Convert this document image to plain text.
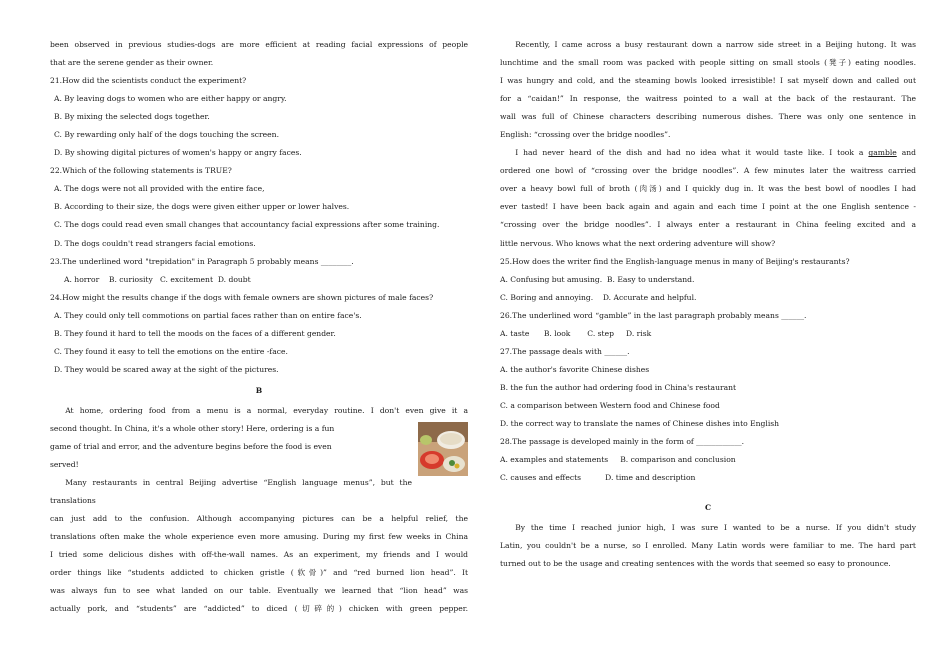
been observed in previous studies-dogs are more efficient at reading facial expressions of people

that are the serene gender as their owner.

21.How did the scientists conduct the experiment?

A. By leaving dogs to women who are either happy or angry.

B. By mixing the selected dogs together.

C. By rewarding only half of the dogs touching the screen.

D. By showing digital pictures of women's happy or angry faces.

22.Which of the following statements is TRUE?

A. The dogs were not all provided with the entire face,

B. According to their size, the dogs were given either upper or lower halves.

C. The dogs could read even small changes that accountancy facial expressions after some training.

D. The dogs couldn't read strangers facial emotions.

23.The underlined word "trepidation" in Paragraph 5 probably means ________.

A. horror    B. curiosity   C. excitement  D. doubt

24.How might the results change if the dogs with female owners are shown pictures of male faces?

A. They could only tell commotions on partial faces rather than on entire face's.

B. They found it hard to tell the moods on the faces of a different gender.

C. They found it easy to tell the emotions on the entire -face.

D. They would be scared away at the sight of the pictures.

B

At home, ordering food from a menu is a normal, everyday routine. I don't even give it a

second thought. In China, it's a whole other story! Here, ordering is a fun

game of trial and error, and the adventure begins before the food is even

served!

Many restaurants in central Beijing advertise “English language menus”, but the translations

can just add to the confusion. Although accompanying pictures can be a helpful relief, the

translations often make the whole experience even more amusing. During my first few weeks in China

I tried some delicious dishes with off-the-wall names. As an experiment, my friends and I would

order things like “students addicted to chicken gristle (软骨)” and “red burned lion head”. It

was always fun to see what landed on our table. Eventually we learned that “lion head” was

actually pork, and “students” are “addicted” to diced (切碎的) chicken with green pepper.

Recently, I came across a busy restaurant down a narrow side street in a Beijing hutong. It was

lunchtime and the small room was packed with people sitting on small stools (凳子) eating noodles.

I was hungry and cold, and the steaming bowls looked irresistible! I sat myself down and called out

for a “caidan!” In response, the waitress pointed to a wall at the back of the restaurant. The

wall was full of Chinese characters describing numerous dishes. There was only one sentence in

English: “crossing over the bridge noodles”.

I had never heard of the dish and had no idea what it would taste like. I took a gamble and

ordered one bowl of “crossing over the bridge noodles”. A few minutes later the waitress carried

over a heavy bowl full of broth (肉汤) and I quickly dug in. It was the best bowl of noodles I had

ever tasted! I have been back again and again and each time I point at the one English sentence -

“crossing over the bridge noodles”. I always enter a restaurant in China feeling excited and a

little nervous. Who knows what the next ordering adventure will show?

25.How does the writer find the English-language menus in many of Beijing's restaurants?

A. Confusing but amusing.  B. Easy to understand.

C. Boring and annoying.    D. Accurate and helpful.

26.The underlined word “gamble” in the last paragraph probably means ______.

A. taste      B. look       C. step     D. risk

27.The passage deals with ______.

A. the author's favorite Chinese dishes

B. the fun the author had ordering food in China's restaurant

C. a comparison between Western food and Chinese food

D. the correct way to translate the names of Chinese dishes into English

28.The passage is developed mainly in the form of ____________.

A. examples and statements     B. comparison and conclusion

C. causes and effects          D. time and description

C

By the time I reached junior high, I was sure I wanted to be a nurse. If you didn't study

Latin, you couldn't be a nurse, so I enrolled. Many Latin words were familiar to me. The hard part

turned out to be the usage and creating sentences with the words that seemed so easy to pronounce.
